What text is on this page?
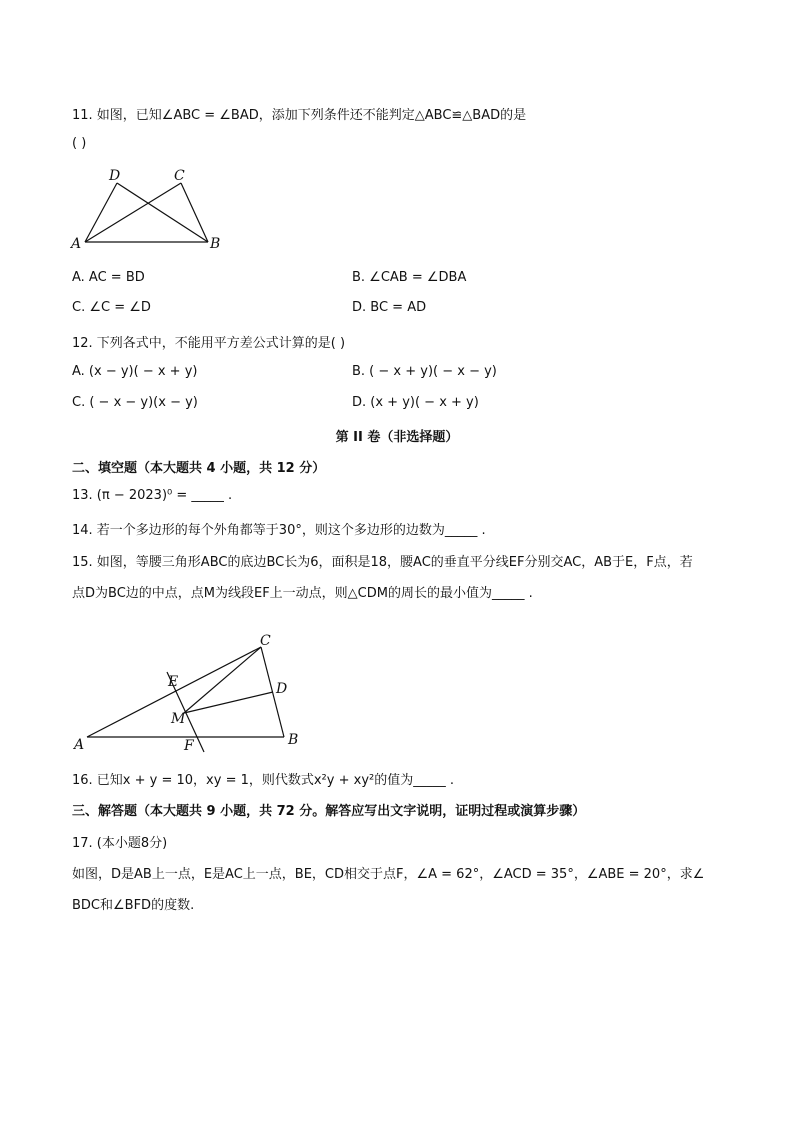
11. 如图，已知∠ABC = ∠BAD，添加下列条件还不能判定△ABC≌△BAD的是
( )
D	C
A	B
A. AC = BD	B. ∠CAB = ∠DBA
C. ∠C = ∠D	D. BC = AD
12. 下列各式中，不能用平方差公式计算的是( )
A. (x − y)( − x + y)	B. ( − x + y)( − x − y)
C. ( − x − y)(x − y)	D. (x + y)( − x + y)
第 II 卷（非选择题）
二、填空题（本大题共 4 小题，共 12 分）
13. (π − 2023)⁰ = _____ .
14. 若一个多边形的每个外角都等于30°，则这个多边形的边数为_____ .
15. 如图，等腰三角形ABC的底边BC长为6，面积是18，腰AC的垂直平分线EF分别交AC，AB于E，F点，若
点D为BC边的中点，点M为线段EF上一动点，则△CDM的周长的最小值为_____ .
C
E	D
M
A	F	B
16. 已知x + y = 10，xy = 1，则代数式x²y + xy²的值为_____ .
三、解答题（本大题共 9 小题，共 72 分。解答应写出文字说明，证明过程或演算步骤）
17. (本小题8分)
如图，D是AB上一点，E是AC上一点，BE，CD相交于点F，∠A = 62°，∠ACD = 35°，∠ABE = 20°，求∠
BDC和∠BFD的度数.
